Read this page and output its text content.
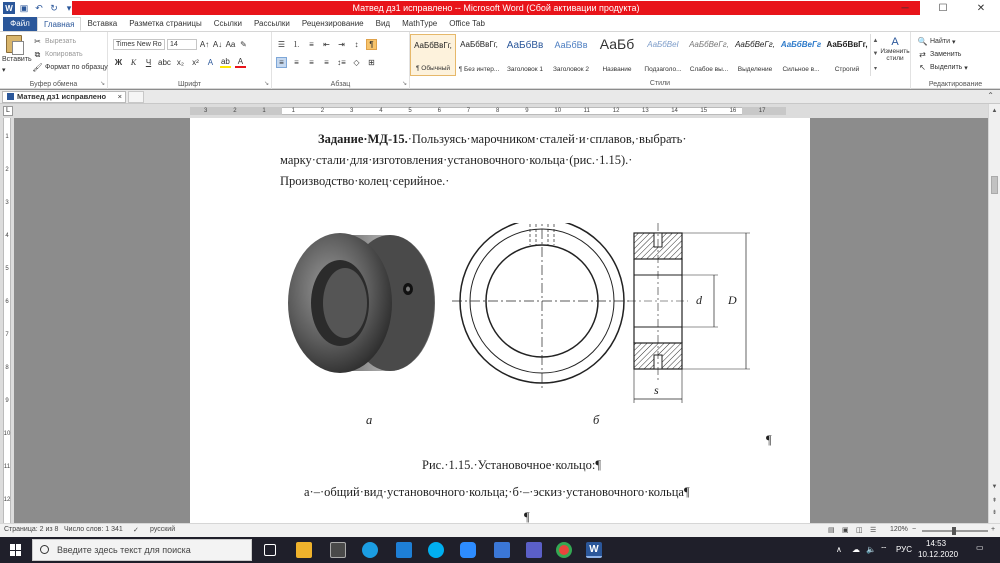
W ▣ ↶ ↻ ▾	Матвед дз1 исправлено -- Microsoft Word (Сбой активации продукта)	─	☐	✕
Файл	Главная	Вставка	Разметка страницы	Ссылки	Рассылки	Рецензирование	Вид	MathType	Office Tab
Вставить
▾
✂ Вырезать
⧉ Копировать
🖌 Формат по образцу
Буфер обмена	↘
Times New Ro	14	A↑ A↓ Aa ✎
Ж	К	Ч abc x₂ x²	A ab A
Шрифт	↘
☰ ⒈	≡	⇤ ⇥	↕	¶
≡	≡	≡	≡	↕≡ ◇	⊞
Абзац	↘
АаБбВвГг,
¶ Обычный
АаБбВвГг,
¶ Без интер...
АаБбВв
Заголовок 1
АаБбВв
Заголовок 2
АаБб
Название
АаБбВеI
Подзаголо...
АаБбВеГг,
Слабое вы...
АаБбВеГг,
Выделение
АаБбВеГг
Сильное в...
АаБбВвГг,
Строгий
▲
▼
▾
A
Изменить стили
Стили
🔍 Найти ▾
⇄ Заменить
↖ Выделить ▾
Редактирование
Матвед дз1 исправлено ×	⌃
L	3	2	1	1	2	3	4	5	6	7	8	9	10	11	12	13	14	15	16	17
1
2
3
4
5
6
7
8
9
10
11
12
Задание·МД-15.·Пользуясь·марочником·сталей·и·сплавов,·выбрать·
марку·стали·для·изготовления·установочного·кольца·(рис.·1.15).·
Производство·колец·серийное.·
d D
s
а	б
¶
Рис.·1.15.·Установочное·кольцо:¶
а·–·общий·вид·установочного·кольца;·б·–·эскиз·установочного·кольца¶
¶
▲
▼
⇞
⇟
Страница: 2 из 8 Число слов: 1 341 ✓ русский	▤ ▣ ◫ ☰ 120% −	+
Введите здесь текст для поиска	W	∧ ☁ 🔈 ⌔ РУС
14:53
10.12.2020
▭
